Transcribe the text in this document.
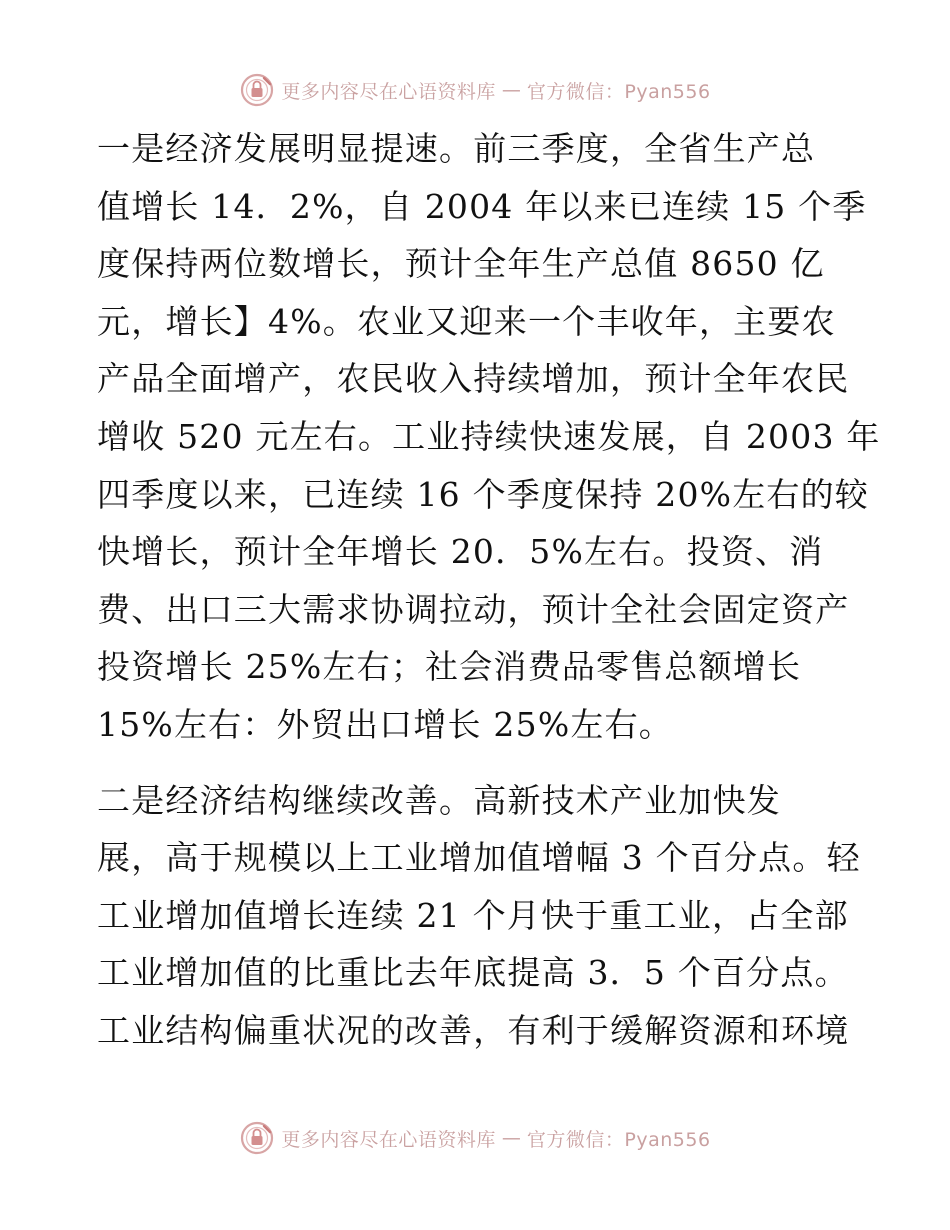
更多内容尽在心语资料库 — 官方微信：Pyan556
一是经济发展明显提速。前三季度，全省生产总
值增长 14．2%，自 2004 年以来已连续 15 个季
度保持两位数增长，预计全年生产总值 8650 亿
元，增长】4%。农业又迎来一个丰收年，主要农
产品全面增产，农民收入持续增加，预计全年农民
增收 520 元左右。工业持续快速发展，自 2003 年
四季度以来，已连续 16 个季度保持 20%左右的较
快增长，预计全年增长 20．5%左右。投资、消
费、出口三大需求协调拉动，预计全社会固定资产
投资增长 25%左右；社会消费品零售总额增长
15%左右：外贸出口增长 25%左右。
二是经济结构继续改善。高新技术产业加快发
展，高于规模以上工业增加值增幅 3 个百分点。轻
工业增加值增长连续 21 个月快于重工业，占全部
工业增加值的比重比去年底提高 3．5 个百分点。
工业结构偏重状况的改善，有利于缓解资源和环境
更多内容尽在心语资料库 — 官方微信：Pyan556
